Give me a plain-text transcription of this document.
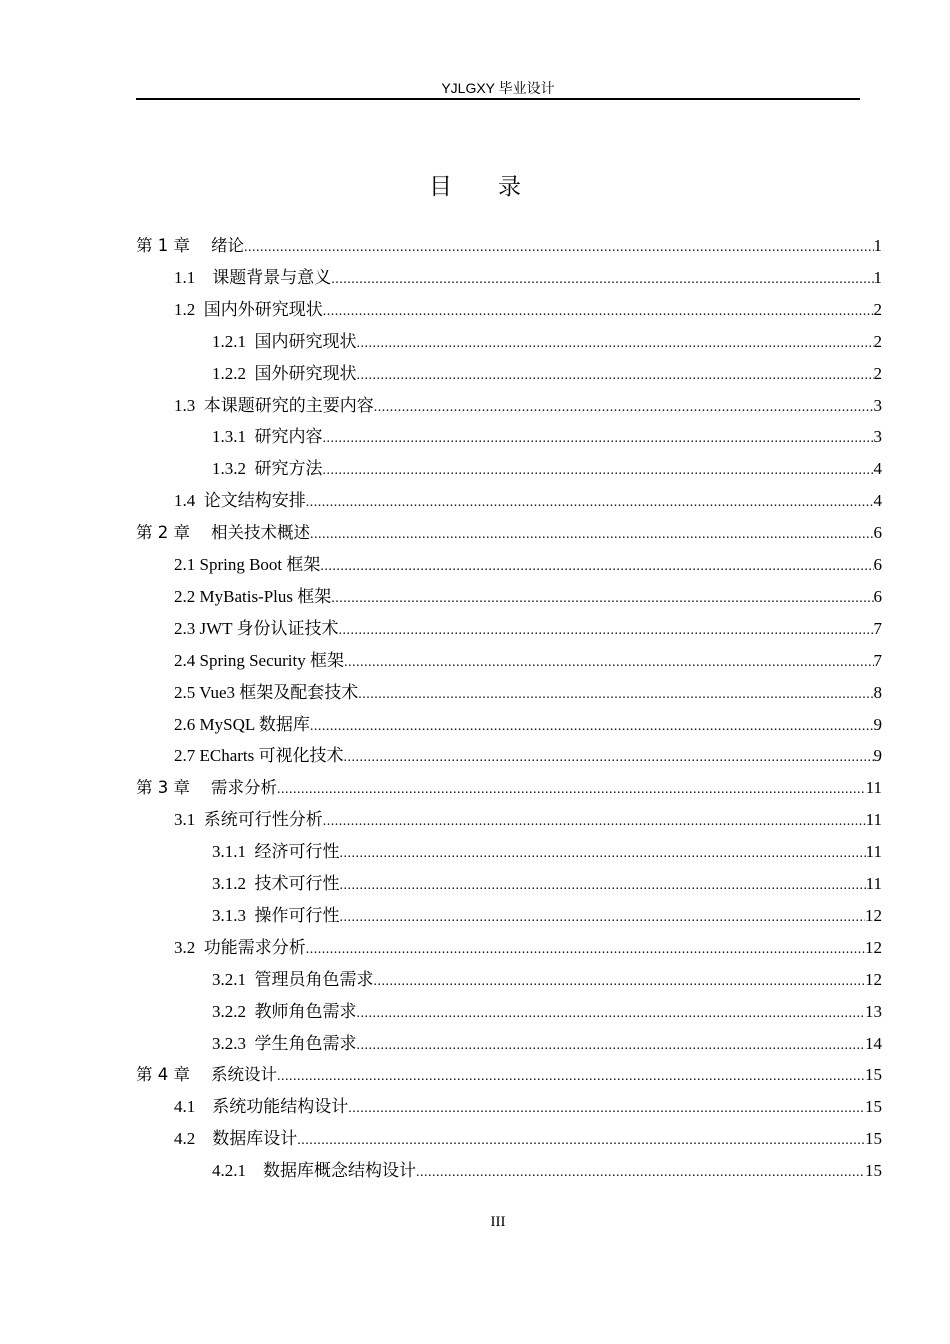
YJLGXY 毕业设计
目录
第 1 章    绪论 .....	1
1.1    课题背景与意义 .....	1
1.2  国内外研究现状 .....	2
1.2.1  国内研究现状 .....	2
1.2.2  国外研究现状 .....	2
1.3  本课题研究的主要内容 .....	3
1.3.1  研究内容 .....	3
1.3.2  研究方法 .....	4
1.4  论文结构安排 .....	4
第 2 章    相关技术概述 .....	6
2.1 Spring Boot 框架 .....	6
2.2 MyBatis-Plus 框架 .....	6
2.3 JWT 身份认证技术 .....	7
2.4 Spring Security 框架 .....	7
2.5 Vue3 框架及配套技术 .....	8
2.6 MySQL 数据库 .....	9
2.7 ECharts 可视化技术 .....	9
第 3 章    需求分析 .....	11
3.1  系统可行性分析 .....	11
3.1.1  经济可行性 .....	11
3.1.2  技术可行性 .....	11
3.1.3  操作可行性 .....	12
3.2  功能需求分析 .....	12
3.2.1  管理员角色需求 .....	12
3.2.2  教师角色需求 .....	13
3.2.3  学生角色需求 .....	14
第 4 章    系统设计 .....	15
4.1    系统功能结构设计 .....	15
4.2    数据库设计 .....	15
4.2.1    数据库概念结构设计 .....	15
III
